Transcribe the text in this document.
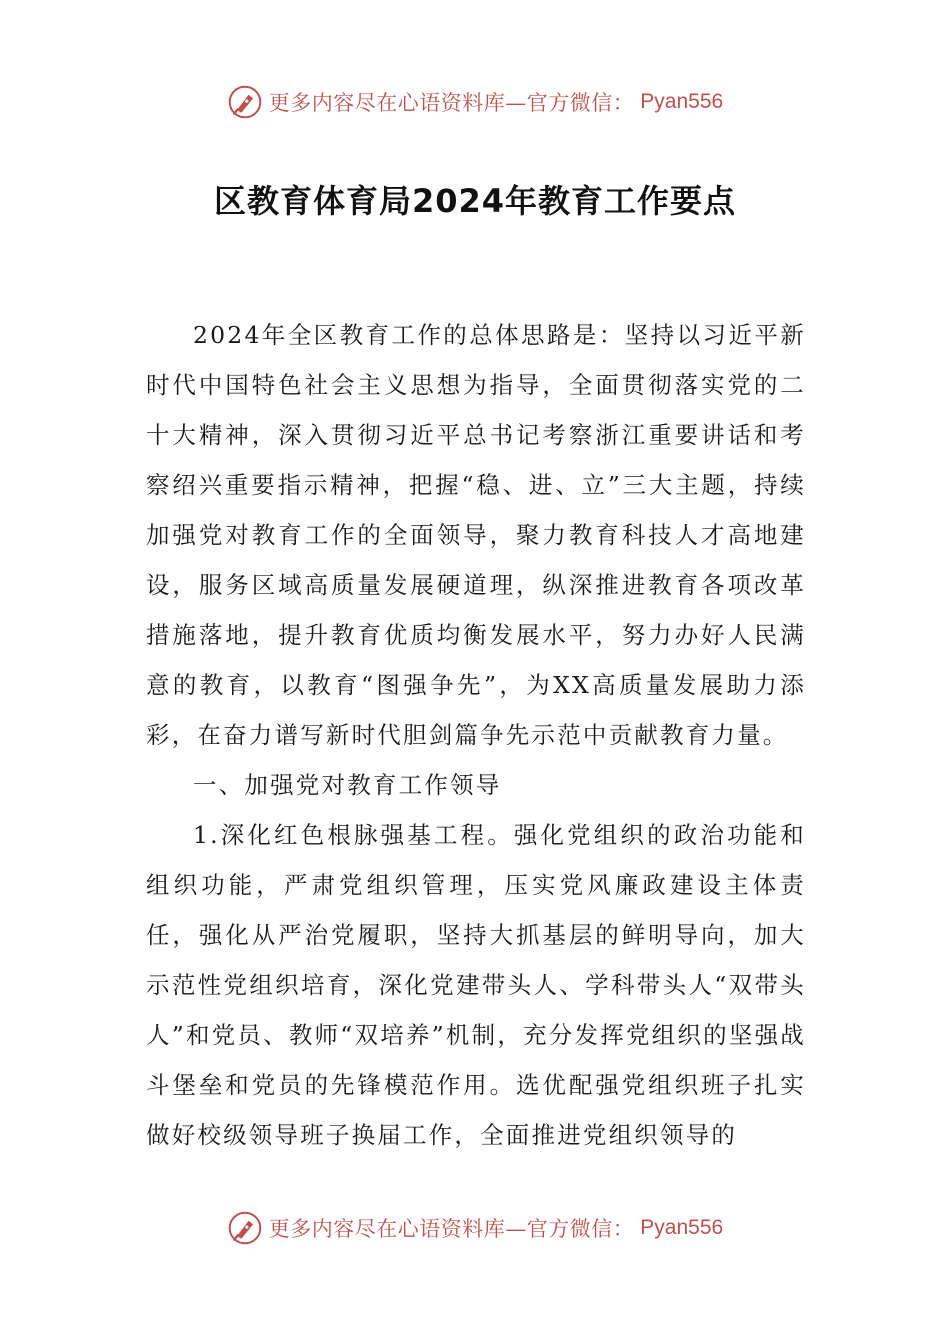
更多内容尽在心语资料库—官方微信： Pyan556
区教育体育局2024年教育工作要点

2024年全区教育工作的总体思路是：坚持以习近平新时代中国特色社会主义思想为指导，全面贯彻落实党的二十大精神，深入贯彻习近平总书记考察浙江重要讲话和考察绍兴重要指示精神，把握“稳、进、立”三大主题，持续加强党对教育工作的全面领导，聚力教育科技人才高地建设，服务区域高质量发展硬道理，纵深推进教育各项改革措施落地，提升教育优质均衡发展水平，努力办好人民满意的教育，以教育“图强争先”，为XX高质量发展助力添彩，在奋力谱写新时代胆剑篇争先示范中贡献教育力量。

一、加强党对教育工作领导

1.深化红色根脉强基工程。强化党组织的政治功能和组织功能，严肃党组织管理，压实党风廉政建设主体责任，强化从严治党履职，坚持大抓基层的鲜明导向，加大示范性党组织培育，深化党建带头人、学科带头人“双带头人”和党员、教师“双培养”机制，充分发挥党组织的坚强战斗堡垒和党员的先锋模范作用。选优配强党组织班子扎实做好校级领导班子换届工作，全面推进党组织领导的

更多内容尽在心语资料库—官方微信： Pyan556
